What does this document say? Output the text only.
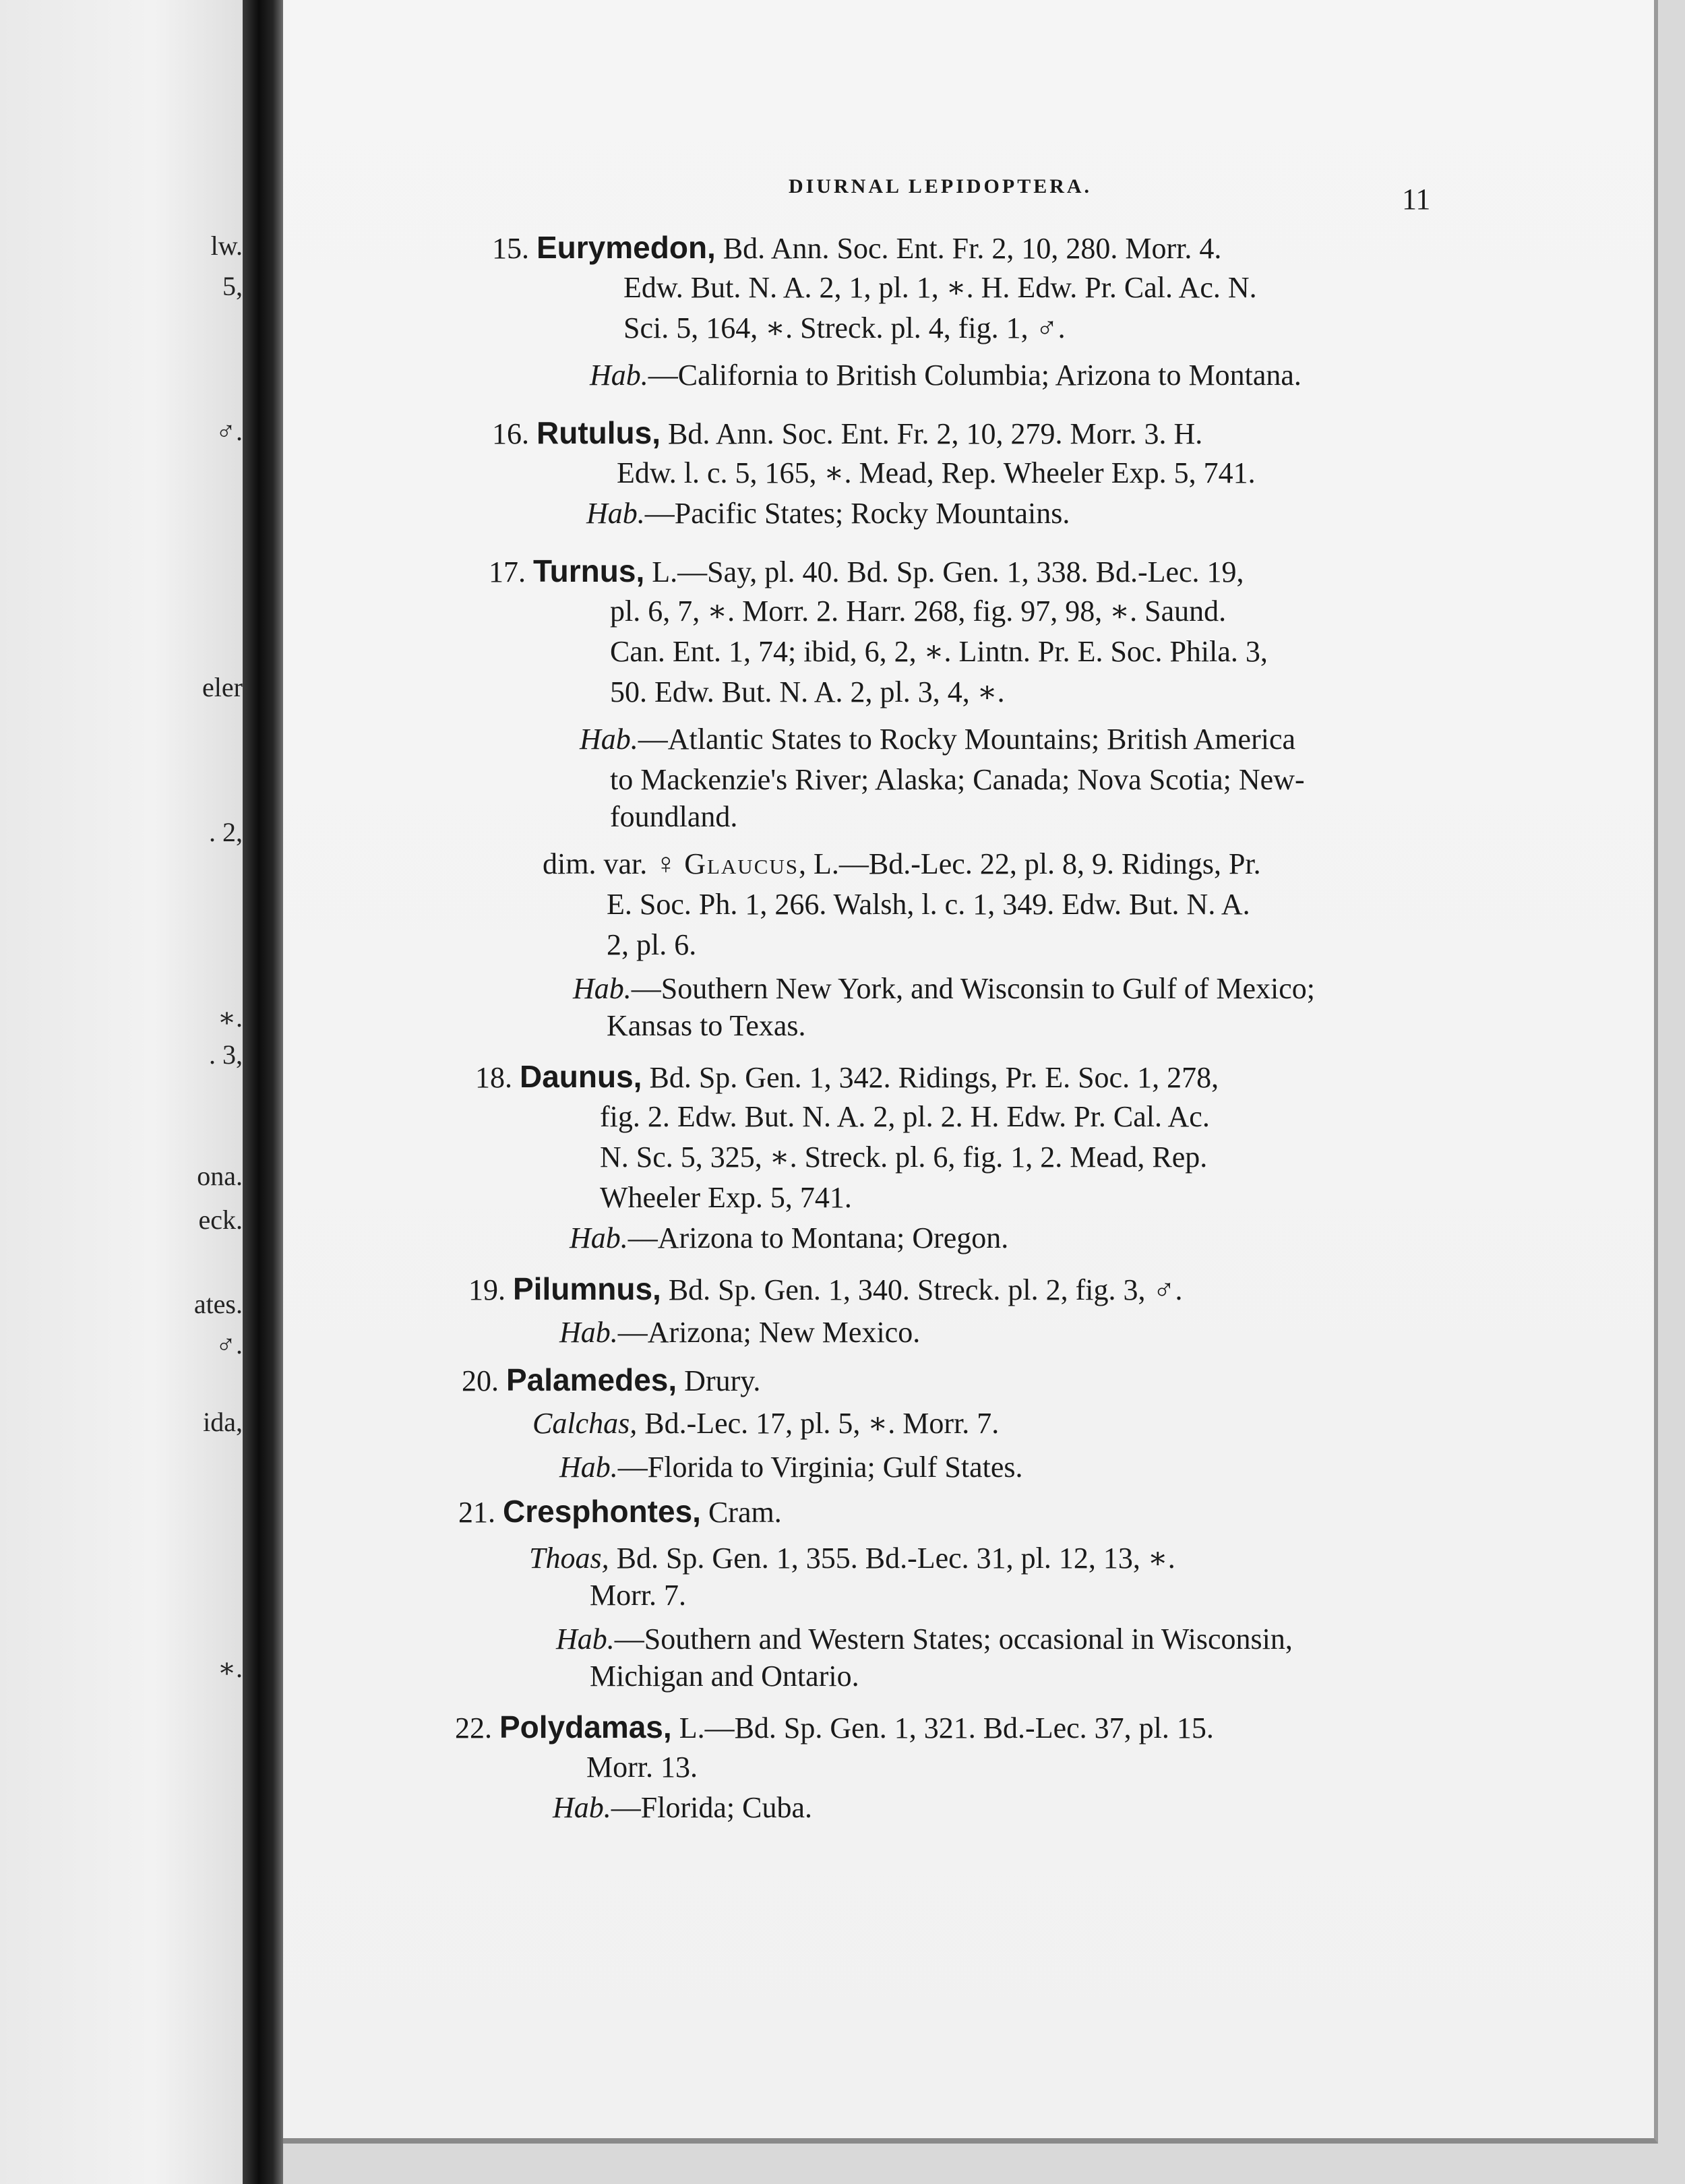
lw.
5,
♂.
eler
. 2,
∗.
. 3,
ona.
eck.
ates.
♂.
ida,
∗.
DIURNAL LEPIDOPTERA.	11
15. Eurymedon, Bd. Ann. Soc. Ent. Fr. 2, 10, 280. Morr. 4.
Edw. But. N. A. 2, 1, pl. 1, ∗. H. Edw. Pr. Cal. Ac. N.
Sci. 5, 164, ∗. Streck. pl. 4, fig. 1, ♂.
Hab.—California to British Columbia; Arizona to Montana.
16. Rutulus, Bd. Ann. Soc. Ent. Fr. 2, 10, 279. Morr. 3. H.
Edw. l. c. 5, 165, ∗. Mead, Rep. Wheeler Exp. 5, 741.
Hab.—Pacific States; Rocky Mountains.
17. Turnus, L.—Say, pl. 40. Bd. Sp. Gen. 1, 338. Bd.-Lec. 19,
pl. 6, 7, ∗. Morr. 2. Harr. 268, fig. 97, 98, ∗. Saund.
Can. Ent. 1, 74; ibid, 6, 2, ∗. Lintn. Pr. E. Soc. Phila. 3,
50. Edw. But. N. A. 2, pl. 3, 4, ∗.
Hab.—Atlantic States to Rocky Mountains; British America
to Mackenzie's River; Alaska; Canada; Nova Scotia; New-
foundland.
dim. var. ♀ Glaucus, L.—Bd.-Lec. 22, pl. 8, 9. Ridings, Pr.
E. Soc. Ph. 1, 266. Walsh, l. c. 1, 349. Edw. But. N. A.
2, pl. 6.
Hab.—Southern New York, and Wisconsin to Gulf of Mexico;
Kansas to Texas.
18. Daunus, Bd. Sp. Gen. 1, 342. Ridings, Pr. E. Soc. 1, 278,
fig. 2. Edw. But. N. A. 2, pl. 2. H. Edw. Pr. Cal. Ac.
N. Sc. 5, 325, ∗. Streck. pl. 6, fig. 1, 2. Mead, Rep.
Wheeler Exp. 5, 741.
Hab.—Arizona to Montana; Oregon.
19. Pilumnus, Bd. Sp. Gen. 1, 340. Streck. pl. 2, fig. 3, ♂.
Hab.—Arizona; New Mexico.
20. Palamedes, Drury.
Calchas, Bd.-Lec. 17, pl. 5, ∗. Morr. 7.
Hab.—Florida to Virginia; Gulf States.
21. Cresphontes, Cram.
Thoas, Bd. Sp. Gen. 1, 355. Bd.-Lec. 31, pl. 12, 13, ∗.
Morr. 7.
Hab.—Southern and Western States; occasional in Wisconsin,
Michigan and Ontario.
22. Polydamas, L.—Bd. Sp. Gen. 1, 321. Bd.-Lec. 37, pl. 15.
Morr. 13.
Hab.—Florida; Cuba.
